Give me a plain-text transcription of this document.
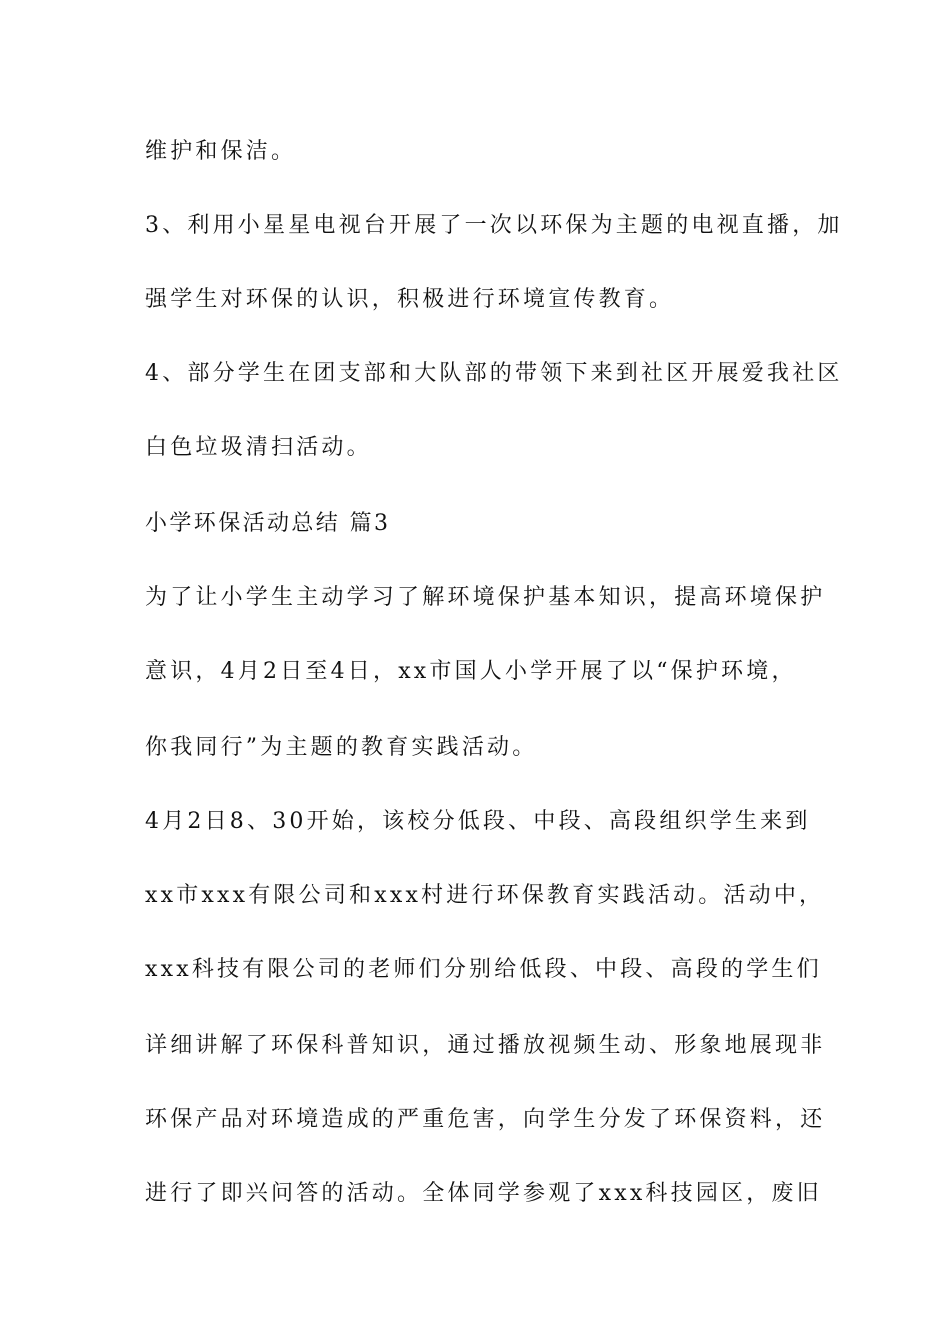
维护和保洁。
3、利用小星星电视台开展了一次以环保为主题的电视直播，加
强学生对环保的认识，积极进行环境宣传教育。
4、部分学生在团支部和大队部的带领下来到社区开展爱我社区
白色垃圾清扫活动。
小学环保活动总结 篇3
为了让小学生主动学习了解环境保护基本知识，提高环境保护
意识，4月2日至4日，xx市国人小学开展了以“保护环境，
你我同行”为主题的教育实践活动。
4月2日8、30开始，该校分低段、中段、高段组织学生来到
xx市xxx有限公司和xxx村进行环保教育实践活动。活动中，
xxx科技有限公司的老师们分别给低段、中段、高段的学生们
详细讲解了环保科普知识，通过播放视频生动、形象地展现非
环保产品对环境造成的严重危害，向学生分发了环保资料，还
进行了即兴问答的活动。全体同学参观了xxx科技园区，废旧
